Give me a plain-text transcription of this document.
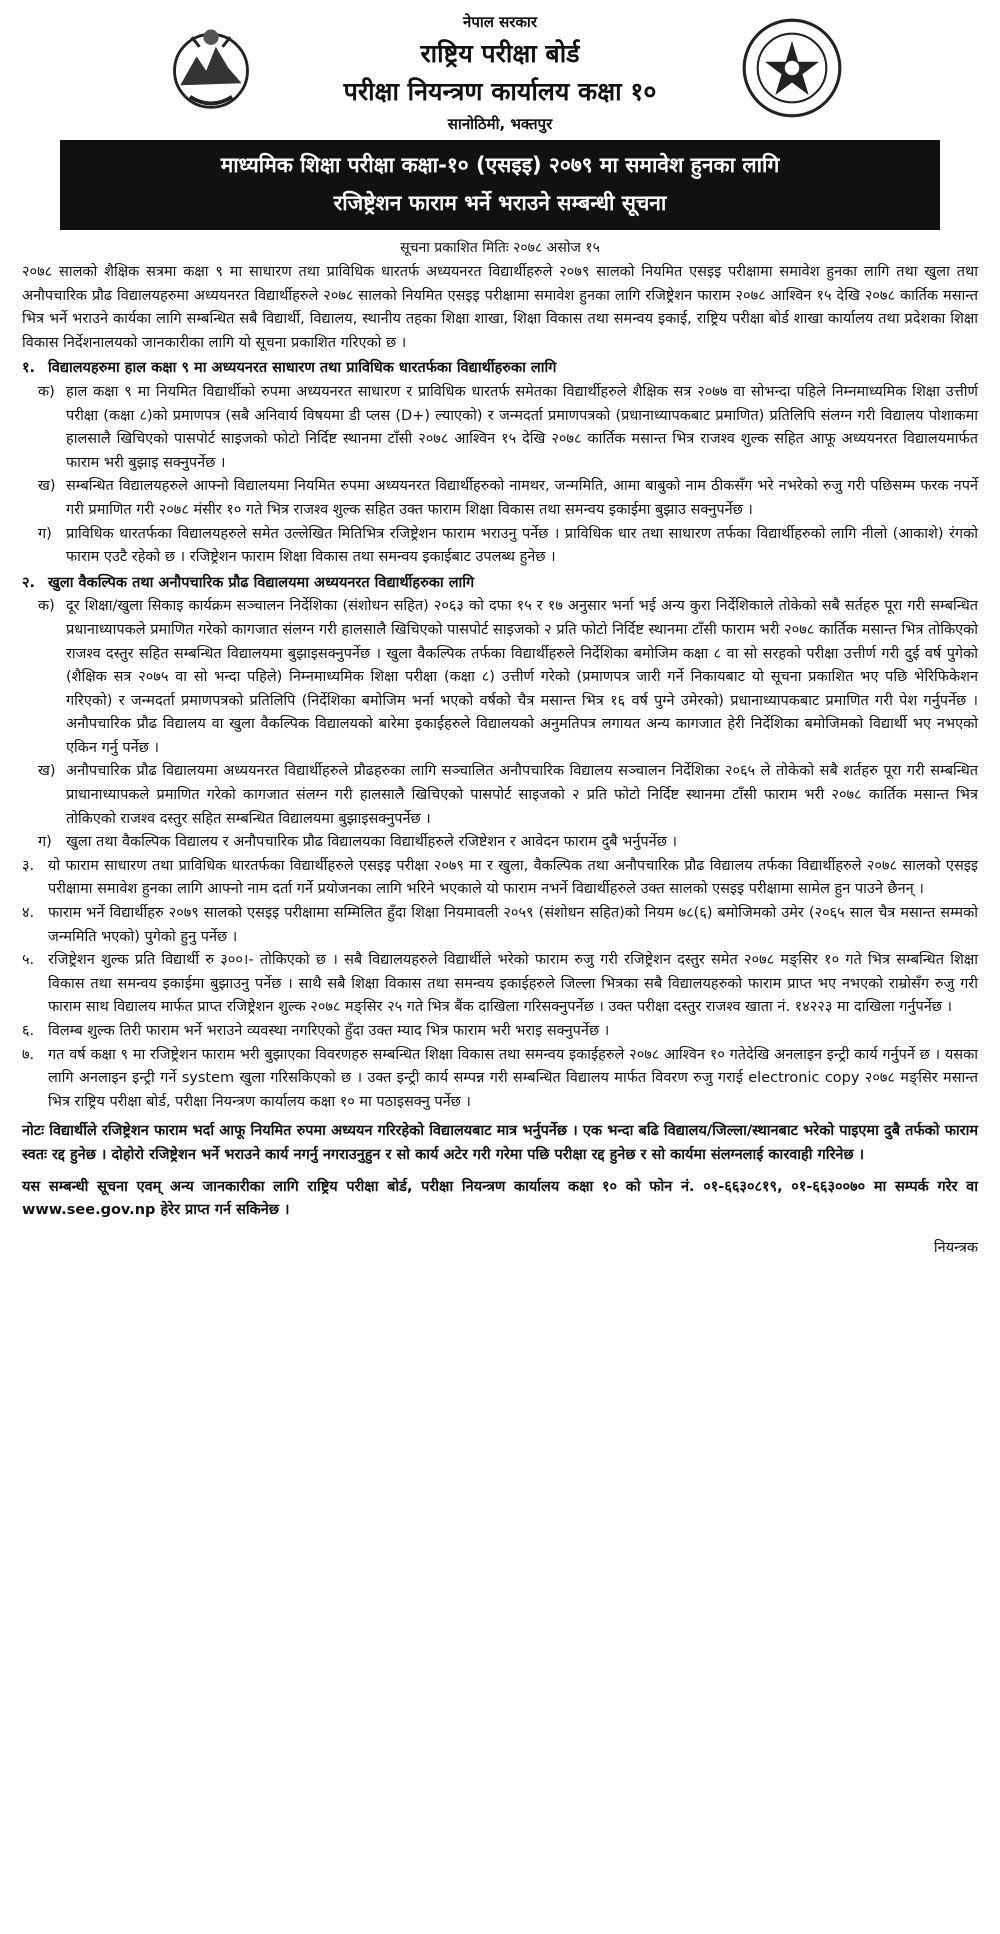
नेपाल सरकार
राष्ट्रिय परीक्षा बोर्ड
परीक्षा नियन्त्रण कार्यालय कक्षा १०
सानोठिमी, भक्तपुर
माध्यमिक शिक्षा परीक्षा कक्षा-१० (एसइइ) २०७९ मा समावेश हुनका लागि
रजिष्ट्रेशन फाराम भर्ने भराउने सम्बन्धी सूचना
सूचना प्रकाशित मितिः २०७८ असोज १५

२०७८ सालको शैक्षिक सत्रमा कक्षा ९ मा साधारण तथा प्राविधिक धारतर्फ अध्ययनरत विद्यार्थीहरुले २०७९ सालको नियमित एसइइ परीक्षामा समावेश हुनका लागि तथा खुला तथा अनौपचारिक प्रौढ विद्यालयहरुमा अध्ययनरत विद्यार्थीहरुले २०७८ सालको नियमित एसइइ परीक्षामा समावेश हुनका लागि रजिष्ट्रेशन फाराम २०७८ आश्विन १५ देखि २०७८ कार्तिक मसान्त भित्र भर्ने भराउने कार्यका लागि सम्बन्धित सबै विद्यार्थी, विद्यालय, स्थानीय तहका शिक्षा शाखा, शिक्षा विकास तथा समन्वय इकाई, राष्ट्रिय परीक्षा बोर्ड शाखा कार्यालय तथा प्रदेशका शिक्षा विकास निर्देशनालयको जानकारीका लागि यो सूचना प्रकाशित गरिएको छ ।

१. विद्यालयहरुमा हाल कक्षा ९ मा अध्ययनरत साधारण तथा प्राविधिक धारतर्फका विद्यार्थीहरुका लागि
क) हाल कक्षा ९ मा नियमित विद्यार्थीको रुपमा अध्ययनरत साधारण र प्राविधिक धारतर्फ समेतका विद्यार्थीहरुले शैक्षिक सत्र २०७७ वा सोभन्दा पहिले निम्नमाध्यमिक शिक्षा उत्तीर्ण परीक्षा (कक्षा ८)को प्रमाणपत्र (सबै अनिवार्य विषयमा डी प्लस (D+) ल्याएको) र जन्मदर्ता प्रमाणपत्रको (प्रधानाध्यापकबाट प्रमाणित) प्रतिलिपि संलग्न गरी विद्यालय पोशाकमा हालसालै खिचिएको पासपोर्ट साइजको फोटो निर्दिष्ट स्थानमा टाँसी २०७८ आश्विन १५ देखि २०७८ कार्तिक मसान्त भित्र राजश्व शुल्क सहित आफू अध्ययनरत विद्यालयमार्फत फाराम भरी बुझाइ सक्नुपर्नेछ ।
ख) सम्बन्धित विद्यालयहरुले आफ्नो विद्यालयमा नियमित रुपमा अध्ययनरत विद्यार्थीहरुको नामथर, जन्ममिति, आमा बाबुको नाम ठीकसँग भरे नभरेको रुजु गरी पछिसम्म फरक नपर्ने गरी प्रमाणित गरी २०७८ मंसीर १० गते भित्र राजश्व शुल्क सहित उक्त फाराम शिक्षा विकास तथा समन्वय इकाईमा बुझाउ सक्नुपर्नेछ ।
ग) प्राविधिक धारतर्फका विद्यालयहरुले समेत उल्लेखित मितिभित्र रजिष्ट्रेशन फाराम भराउनु पर्नेछ । प्राविधिक धार तथा साधारण तर्फका विद्यार्थीहरुको लागि नीलो (आकाशे) रंगको फाराम एउटै रहेको छ । रजिष्ट्रेशन फाराम शिक्षा विकास तथा समन्वय इकाईबाट उपलब्ध हुनेछ ।
२. खुला वैकल्पिक तथा अनौपचारिक प्रौढ विद्यालयमा अध्ययनरत विद्यार्थीहरुका लागि
क) दूर शिक्षा/खुला सिकाइ कार्यक्रम सञ्चालन निर्देशिका (संशोधन सहित) २०६३ को दफा १५ र १७ अनुसार भर्ना भई अन्य कुरा निर्देशिकाले तोकेको सबै सर्तहरु पूरा गरी सम्बन्धित प्रधानाध्यापकले प्रमाणित गरेको कागजात संलग्न गरी हालसालै खिचिएको पासपोर्ट साइजको २ प्रति फोटो निर्दिष्ट स्थानमा टाँसी फाराम भरी २०७८ कार्तिक मसान्त भित्र तोकिएको राजश्व दस्तुर सहित सम्बन्धित विद्यालयमा बुझाइसक्नुपर्नेछ । खुला वैकल्पिक तर्फका विद्यार्थीहरुले निर्देशिका बमोजिम कक्षा ८ वा सो सरहको परीक्षा उत्तीर्ण गरी दुई वर्ष पुगेको (शैक्षिक सत्र २०७५ वा सो भन्दा पहिले) निम्नमाध्यमिक शिक्षा परीक्षा (कक्षा ८) उत्तीर्ण गरेको (प्रमाणपत्र जारी गर्ने निकायबाट यो सूचना प्रकाशित भए पछि भेरिफिकेशन गरिएको) र जन्मदर्ता प्रमाणपत्रको प्रतिलिपि (निर्देशिका बमोजिम भर्ना भएको वर्षको चैत्र मसान्त भित्र १६ वर्ष पुग्ने उमेरको) प्रधानाध्यापकबाट प्रमाणित गरी पेश गर्नुपर्नेछ । अनौपचारिक प्रौढ विद्यालय वा खुला वैकल्पिक विद्यालयको बारेमा इकाईहरुले विद्यालयको अनुमतिपत्र लगायत अन्य कागजात हेरी निर्देशिका बमोजिमको विद्यार्थी भए नभएको एकिन गर्नु पर्नेछ ।
ख) अनौपचारिक प्रौढ विद्यालयमा अध्ययनरत विद्यार्थीहरुले प्रौढहरुका लागि सञ्चालित अनौपचारिक विद्यालय सञ्चालन निर्देशिका २०६५ ले तोकेको सबै शर्तहरु पूरा गरी सम्बन्धित प्राधानाध्यापकले प्रमाणित गरेको कागजात संलग्न गरी हालसालै खिचिएको पासपोर्ट साइजको २ प्रति फोटो निर्दिष्ट स्थानमा टाँसी फाराम भरी २०७८ कार्तिक मसान्त भित्र तोकिएको राजश्व दस्तुर सहित सम्बन्धित विद्यालयमा बुझाइसक्नुपर्नेछ ।
ग) खुला तथा वैकल्पिक विद्यालय र अनौपचारिक प्रौढ विद्यालयका विद्यार्थीहरुले रजिष्टेशन र आवेदन फाराम दुबै भर्नुपर्नेछ ।
३. यो फाराम साधारण तथा प्राविधिक धारतर्फका विद्यार्थीहरुले एसइइ परीक्षा २०७९ मा र खुला, वैकल्पिक तथा अनौपचारिक प्रौढ विद्यालय तर्फका विद्यार्थीहरुले २०७८ सालको एसइइ परीक्षामा समावेश हुनका लागि आफ्नो नाम दर्ता गर्ने प्रयोजनका लागि भरिने भएकाले यो फाराम नभर्ने विद्यार्थीहरुले उक्त सालको एसइइ परीक्षामा सामेल हुन पाउने छैनन् ।
४. फाराम भर्ने विद्यार्थीहरु २०७९ सालको एसइइ परीक्षामा सम्मिलित हुँदा शिक्षा नियमावली २०५९ (संशोधन सहित)को नियम ७८(६) बमोजिमको उमेर (२०६५ साल चैत्र मसान्त सम्मको जन्ममिति भएको) पुगेको हुनु पर्नेछ ।
५. रजिष्ट्रेशन शुल्क प्रति विद्यार्थी रु ३००।- तोकिएको छ । सबै विद्यालयहरुले विद्यार्थीले भरेको फाराम रुजु गरी रजिष्ट्रेशन दस्तुर समेत २०७८ मङ्सिर १० गते भित्र सम्बन्धित शिक्षा विकास तथा समन्वय इकाईमा बुझाउनु पर्नेछ । साथै सबै शिक्षा विकास तथा समन्वय इकाईहरुले जिल्ला भित्रका सबै विद्यालयहरुको फाराम प्राप्त भए नभएको राम्रोसँग रुजु गरी फाराम साथ विद्यालय मार्फत प्राप्त रजिष्ट्रेशन शुल्क २०७८ मङ्सिर २५ गते भित्र बैंक दाखिला गरिसक्नुपर्नेछ । उक्त परीक्षा दस्तुर राजश्व खाता नं. १४२२३ मा दाखिला गर्नुपर्नेछ ।
६. विलम्ब शुल्क तिरी फाराम भर्ने भराउने व्यवस्था नगरिएको हुँदा उक्त म्याद भित्र फाराम भरी भराइ सक्नुपर्नेछ ।
७. गत वर्ष कक्षा ९ मा रजिष्ट्रेशन फाराम भरी बुझाएका विवरणहरु सम्बन्धित शिक्षा विकास तथा समन्वय इकाईहरुले २०७८ आश्विन १० गतेदेखि अनलाइन इन्ट्री कार्य गर्नुपर्ने छ । यसका लागि अनलाइन इन्ट्री गर्ने system खुला गरिसकिएको छ । उक्त इन्ट्री कार्य सम्पन्न गरी सम्बन्धित विद्यालय मार्फत विवरण रुजु गराई electronic copy २०७८ मङ्सिर मसान्त भित्र राष्ट्रिय परीक्षा बोर्ड, परीक्षा नियन्त्रण कार्यालय कक्षा १० मा पठाइसक्नु पर्नेछ ।

नोटः विद्यार्थीले रजिष्ट्रेशन फाराम भर्दा आफू नियमित रुपमा अध्ययन गरिरहेको विद्यालयबाट मात्र भर्नुपर्नेछ । एक भन्दा बढि विद्यालय/जिल्ला/स्थानबाट भरेको पाइएमा दुबै तर्फको फाराम स्वतः रद्द हुनेछ । दोहोरो रजिष्ट्रेशन भर्ने भराउने कार्य नगर्नु नगराउनुहुन र सो कार्य अटेर गरी गरेमा पछि परीक्षा रद्द हुनेछ र सो कार्यमा संलग्नलाई कारवाही गरिनेछ ।

यस सम्बन्धी सूचना एवम् अन्य जानकारीका लागि राष्ट्रिय परीक्षा बोर्ड, परीक्षा नियन्त्रण कार्यालय कक्षा १० को फोन नं. ०१-६६३०८१९, ०१-६६३००७० मा सम्पर्क गरेर वा www.see.gov.np हेरेर प्राप्त गर्न सकिनेछ ।

नियन्त्रक
